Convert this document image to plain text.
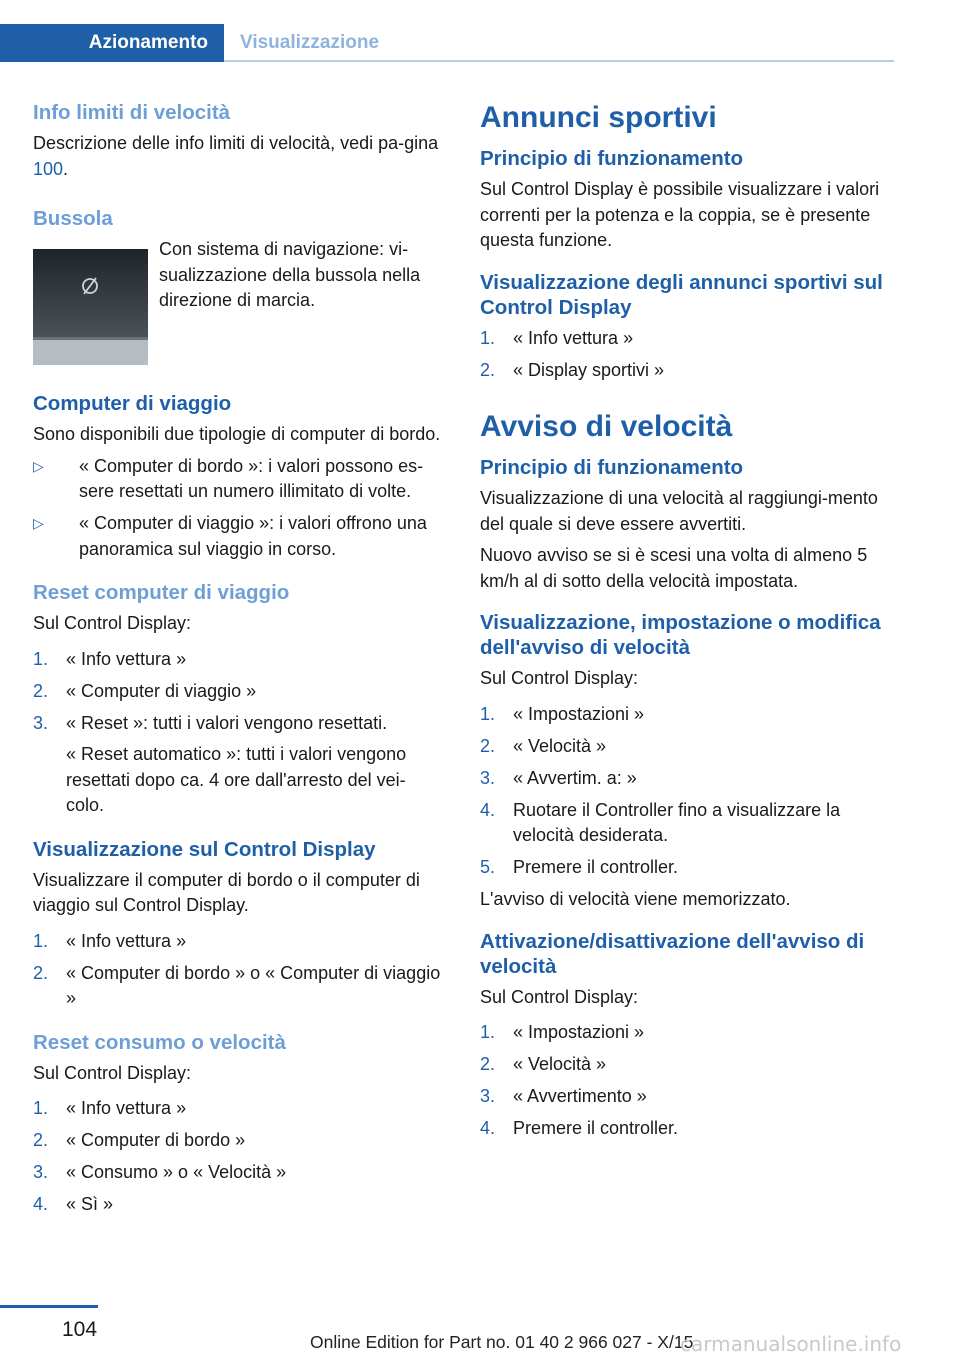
Azionamento	Visualizzazione
Info limiti di velocità

Descrizione delle info limiti di velocità, vedi pa-gina 100.

Bussola

Con sistema di navigazione: vi-sualizzazione della bussola nella direzione di marcia.

Computer di viaggio

Sono disponibili due tipologie di computer di bordo.

▷ « Computer di bordo »: i valori possono es-sere resettati un numero illimitato di volte.
▷ « Computer di viaggio »: i valori offrono una panoramica sul viaggio in corso.
Reset computer di viaggio

Sul Control Display:

1. « Info vettura »
2. « Computer di viaggio »
3. « Reset »: tutti i valori vengono resettati.
« Reset automatico »: tutti i valori vengono resettati dopo ca. 4 ore dall'arresto del vei-colo.
Visualizzazione sul Control Display

Visualizzare il computer di bordo o il computer di viaggio sul Control Display.

1. « Info vettura »
2. « Computer di bordo » o « Computer di viaggio »
Reset consumo o velocità

Sul Control Display:

1. « Info vettura »
2. « Computer di bordo »
3. « Consumo » o « Velocità »
4. « Sì »
Annunci sportivi
Principio di funzionamento

Sul Control Display è possibile visualizzare i valori correnti per la potenza e la coppia, se è presente questa funzione.

Visualizzazione degli annunci sportivi sul Control Display
1. « Info vettura »
2. « Display sportivi »
Avviso di velocità
Principio di funzionamento

Visualizzazione di una velocità al raggiungi-mento del quale si deve essere avvertiti.

Nuovo avviso se si è scesi una volta di almeno 5 km/h al di sotto della velocità impostata.

Visualizzazione, impostazione o modifica dell'avviso di velocità

Sul Control Display:

1. « Impostazioni »
2. « Velocità »
3. « Avvertim. a: »
4. Ruotare il Controller fino a visualizzare la velocità desiderata.
5. Premere il controller.

L'avviso di velocità viene memorizzato.

Attivazione/disattivazione dell'avviso di velocità

Sul Control Display:

1. « Impostazioni »
2. « Velocità »
3. « Avvertimento »
4. Premere il controller.
104
Online Edition for Part no. 01 40 2 966 027 - X/15
carmanualsonline.info
